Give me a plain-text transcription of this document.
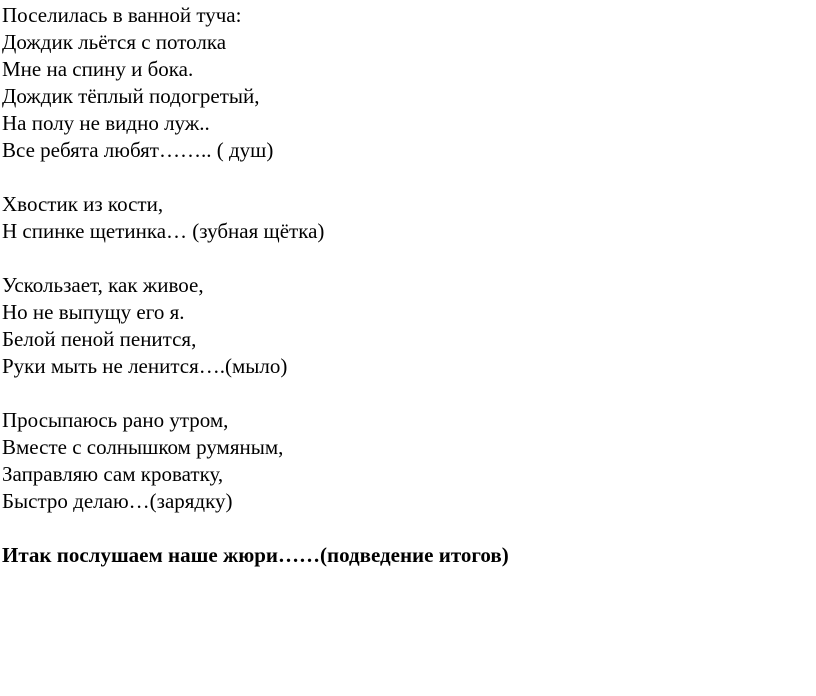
Поселилась в ванной туча:
Дождик льётся с потолка
Мне на спину и бока.
Дождик тёплый подогретый,
На полу не видно луж..
Все ребята любят…….. ( душ)
Хвостик из кости,
Н спинке щетинка… (зубная щётка)
Ускользает, как живое,
Но не выпущу его я.
Белой пеной пенится,
Руки мыть не ленится….(мыло)
Просыпаюсь рано утром,
Вместе с солнышком румяным,
Заправляю сам кроватку,
Быстро делаю…(зарядку)
Итак послушаем наше жюри……(подведение итогов)
